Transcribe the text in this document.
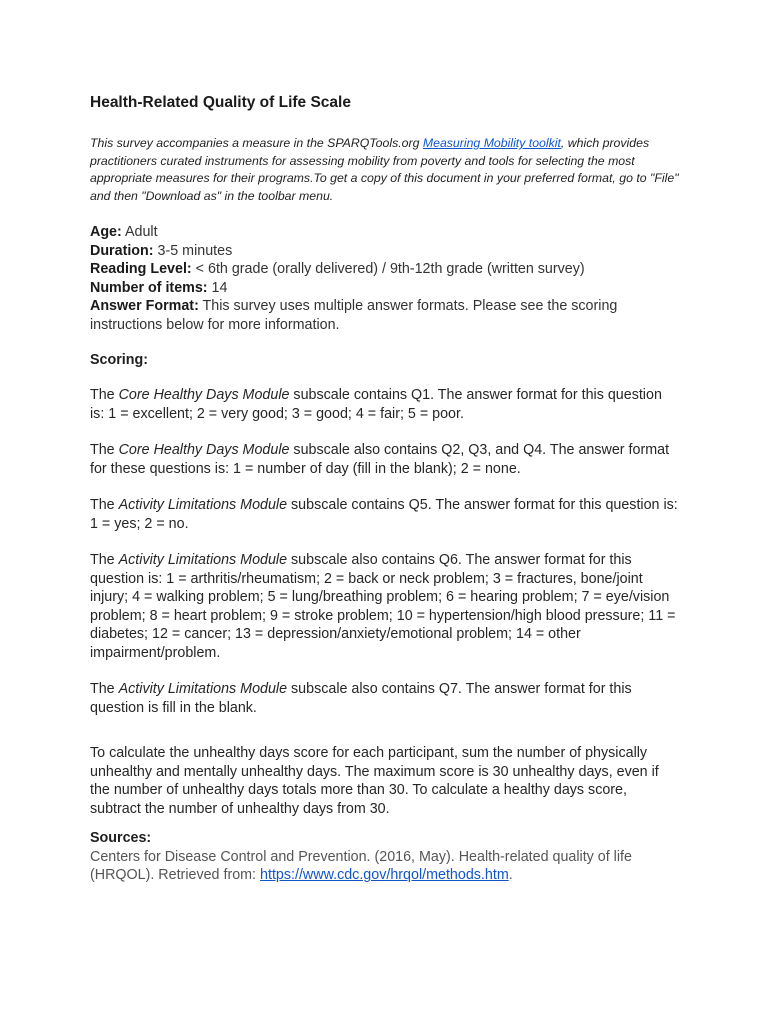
Health-Related Quality of Life Scale

This survey accompanies a measure in the SPARQTools.org Measuring Mobility toolkit, which provides practitioners curated instruments for assessing mobility from poverty and tools for selecting the most appropriate measures for their programs.To get a copy of this document in your preferred format, go to "File" and then "Download as" in the toolbar menu.

Age: Adult
Duration: 3-5 minutes
Reading Level: < 6th grade (orally delivered) / 9th-12th grade (written survey)
Number of items: 14
Answer Format: This survey uses multiple answer formats. Please see the scoring instructions below for more information.
Scoring:

The Core Healthy Days Module subscale contains Q1. The answer format for this question is: 1 = excellent; 2 = very good; 3 = good; 4 = fair; 5 = poor.

The Core Healthy Days Module subscale also contains Q2, Q3, and Q4. The answer format for these questions is: 1 = number of day (fill in the blank); 2 = none.

The Activity Limitations Module subscale contains Q5. The answer format for this question is: 1 = yes; 2 = no.

The Activity Limitations Module subscale also contains Q6. The answer format for this question is: 1 = arthritis/rheumatism; 2 = back or neck problem; 3 = fractures, bone/joint injury; 4 = walking problem; 5 = lung/breathing problem; 6 = hearing problem; 7 = eye/vision problem; 8 = heart problem; 9 = stroke problem; 10 = hypertension/high blood pressure; 11 = diabetes; 12 = cancer; 13 = depression/anxiety/emotional problem; 14 = other impairment/problem.

The Activity Limitations Module subscale also contains Q7. The answer format for this question is fill in the blank.

To calculate the unhealthy days score for each participant, sum the number of physically unhealthy and mentally unhealthy days. The maximum score is 30 unhealthy days, even if the number of unhealthy days totals more than 30. To calculate a healthy days score, subtract the number of unhealthy days from 30.

Sources:

Centers for Disease Control and Prevention. (2016, May). Health-related quality of life (HRQOL). Retrieved from: https://www.cdc.gov/hrqol/methods.htm.
